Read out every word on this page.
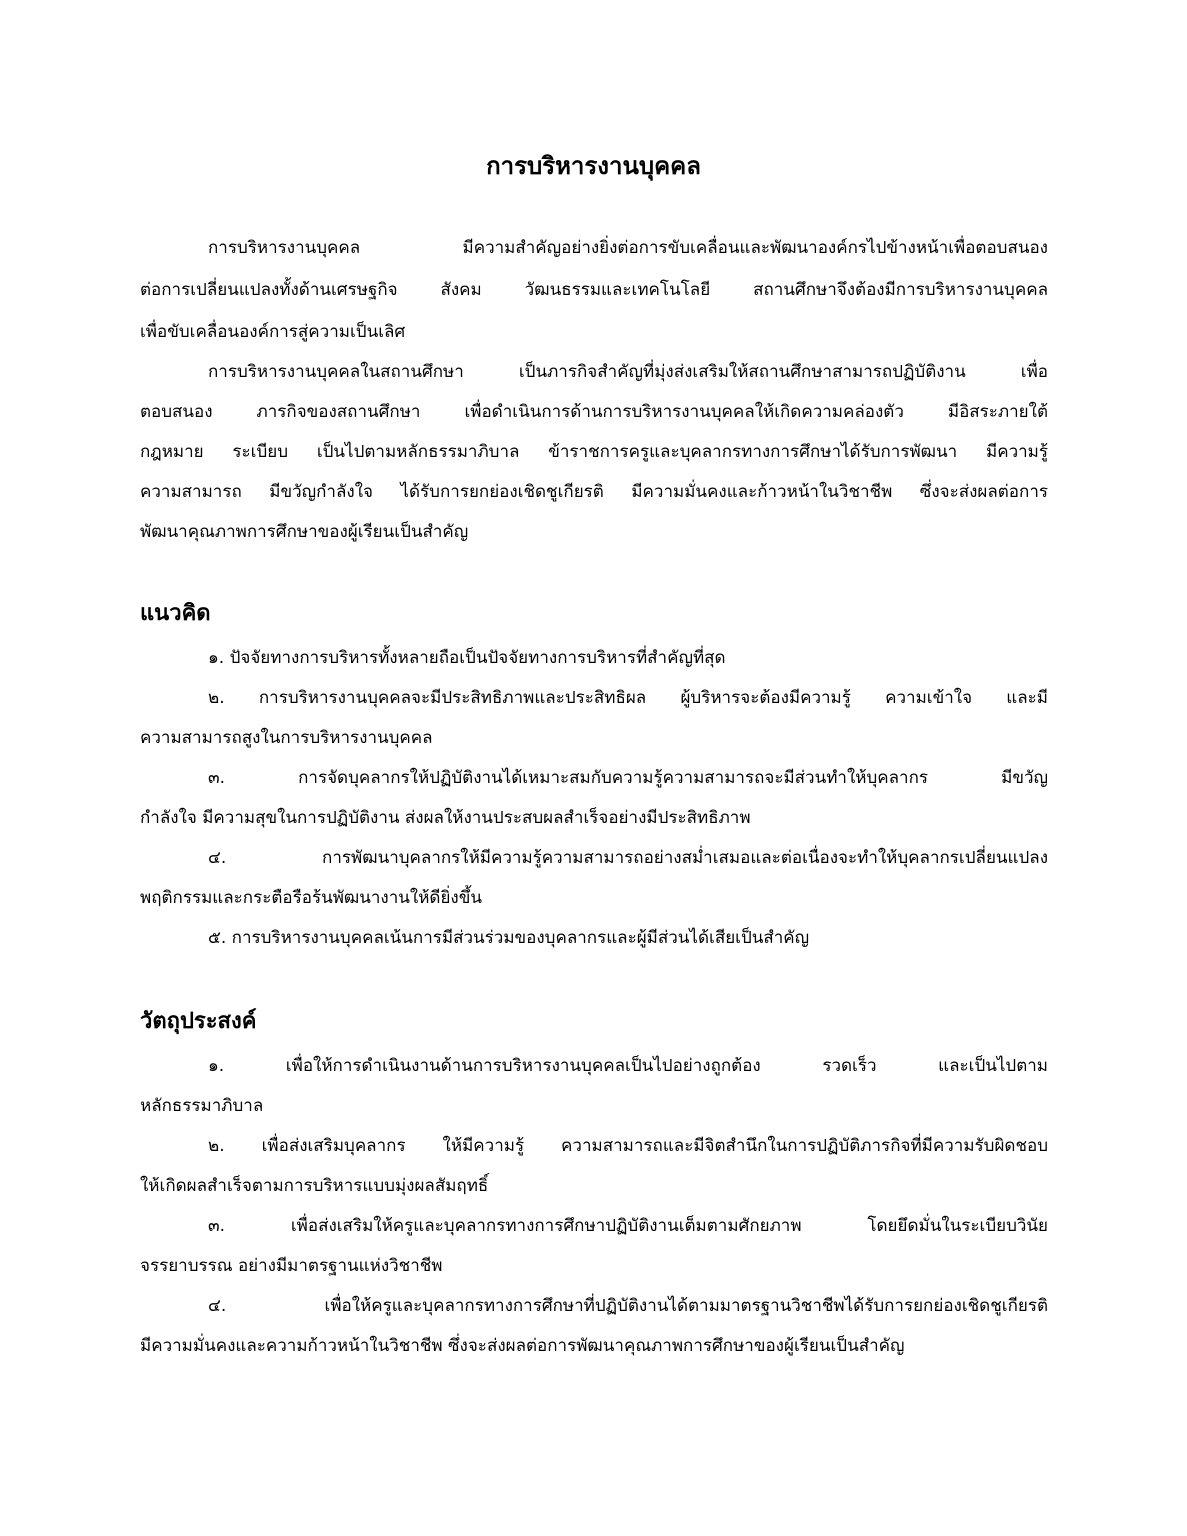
การบริหารงานบุคคล
การบริหารงานบุคคล มีความสำคัญอย่างยิ่งต่อการขับเคลื่อนและพัฒนาองค์กรไปข้างหน้าเพื่อตอบสนอง
ต่อการเปลี่ยนแปลงทั้งด้านเศรษฐกิจ สังคม วัฒนธรรมและเทคโนโลยี สถานศึกษาจึงต้องมีการบริหารงานบุคคล
เพื่อขับเคลื่อนองค์การสู่ความเป็นเลิศ
การบริหารงานบุคคลในสถานศึกษา เป็นภารกิจสำคัญที่มุ่งส่งเสริมให้สถานศึกษาสามารถปฏิบัติงาน เพื่อ
ตอบสนอง ภารกิจของสถานศึกษา เพื่อดำเนินการด้านการบริหารงานบุคคลให้เกิดความคล่องตัว มีอิสระภายใต้
กฎหมาย ระเบียบ เป็นไปตามหลักธรรมาภิบาล ข้าราชการครูและบุคลากรทางการศึกษาได้รับการพัฒนา มีความรู้
ความสามารถ มีขวัญกำลังใจ ได้รับการยกย่องเชิดชูเกียรติ มีความมั่นคงและก้าวหน้าในวิชาชีพ ซึ่งจะส่งผลต่อการ
พัฒนาคุณภาพการศึกษาของผู้เรียนเป็นสำคัญ
แนวคิด
๑. ปัจจัยทางการบริหารทั้งหลายถือเป็นปัจจัยทางการบริหารที่สำคัญที่สุด
๒. การบริหารงานบุคคลจะมีประสิทธิภาพและประสิทธิผล ผู้บริหารจะต้องมีความรู้ ความเข้าใจ และมี
ความสามารถสูงในการบริหารงานบุคคล
๓. การจัดบุคลากรให้ปฏิบัติงานได้เหมาะสมกับความรู้ความสามารถจะมีส่วนทำให้บุคลากร มีขวัญ
กำลังใจ มีความสุขในการปฏิบัติงาน ส่งผลให้งานประสบผลสำเร็จอย่างมีประสิทธิภาพ
๔. การพัฒนาบุคลากรให้มีความรู้ความสามารถอย่างสม่ำเสมอและต่อเนื่องจะทำให้บุคลากรเปลี่ยนแปลง
พฤติกรรมและกระตือรือร้นพัฒนางานให้ดียิ่งขึ้น
๕. การบริหารงานบุคคลเน้นการมีส่วนร่วมของบุคลากรและผู้มีส่วนได้เสียเป็นสำคัญ
วัตถุประสงค์
๑. เพื่อให้การดำเนินงานด้านการบริหารงานบุคคลเป็นไปอย่างถูกต้อง รวดเร็ว และเป็นไปตาม
หลักธรรมาภิบาล
๒. เพื่อส่งเสริมบุคลากร ให้มีความรู้ ความสามารถและมีจิตสำนึกในการปฏิบัติภารกิจที่มีความรับผิดชอบ
ให้เกิดผลสำเร็จตามการบริหารแบบมุ่งผลสัมฤทธิ์
๓. เพื่อส่งเสริมให้ครูและบุคลากรทางการศึกษาปฏิบัติงานเต็มตามศักยภาพ โดยยึดมั่นในระเบียบวินัย
จรรยาบรรณ อย่างมีมาตรฐานแห่งวิชาชีพ
๔. เพื่อให้ครูและบุคลากรทางการศึกษาที่ปฏิบัติงานได้ตามมาตรฐานวิชาชีพได้รับการยกย่องเชิดชูเกียรติ
มีความมั่นคงและความก้าวหน้าในวิชาชีพ ซึ่งจะส่งผลต่อการพัฒนาคุณภาพการศึกษาของผู้เรียนเป็นสำคัญ
